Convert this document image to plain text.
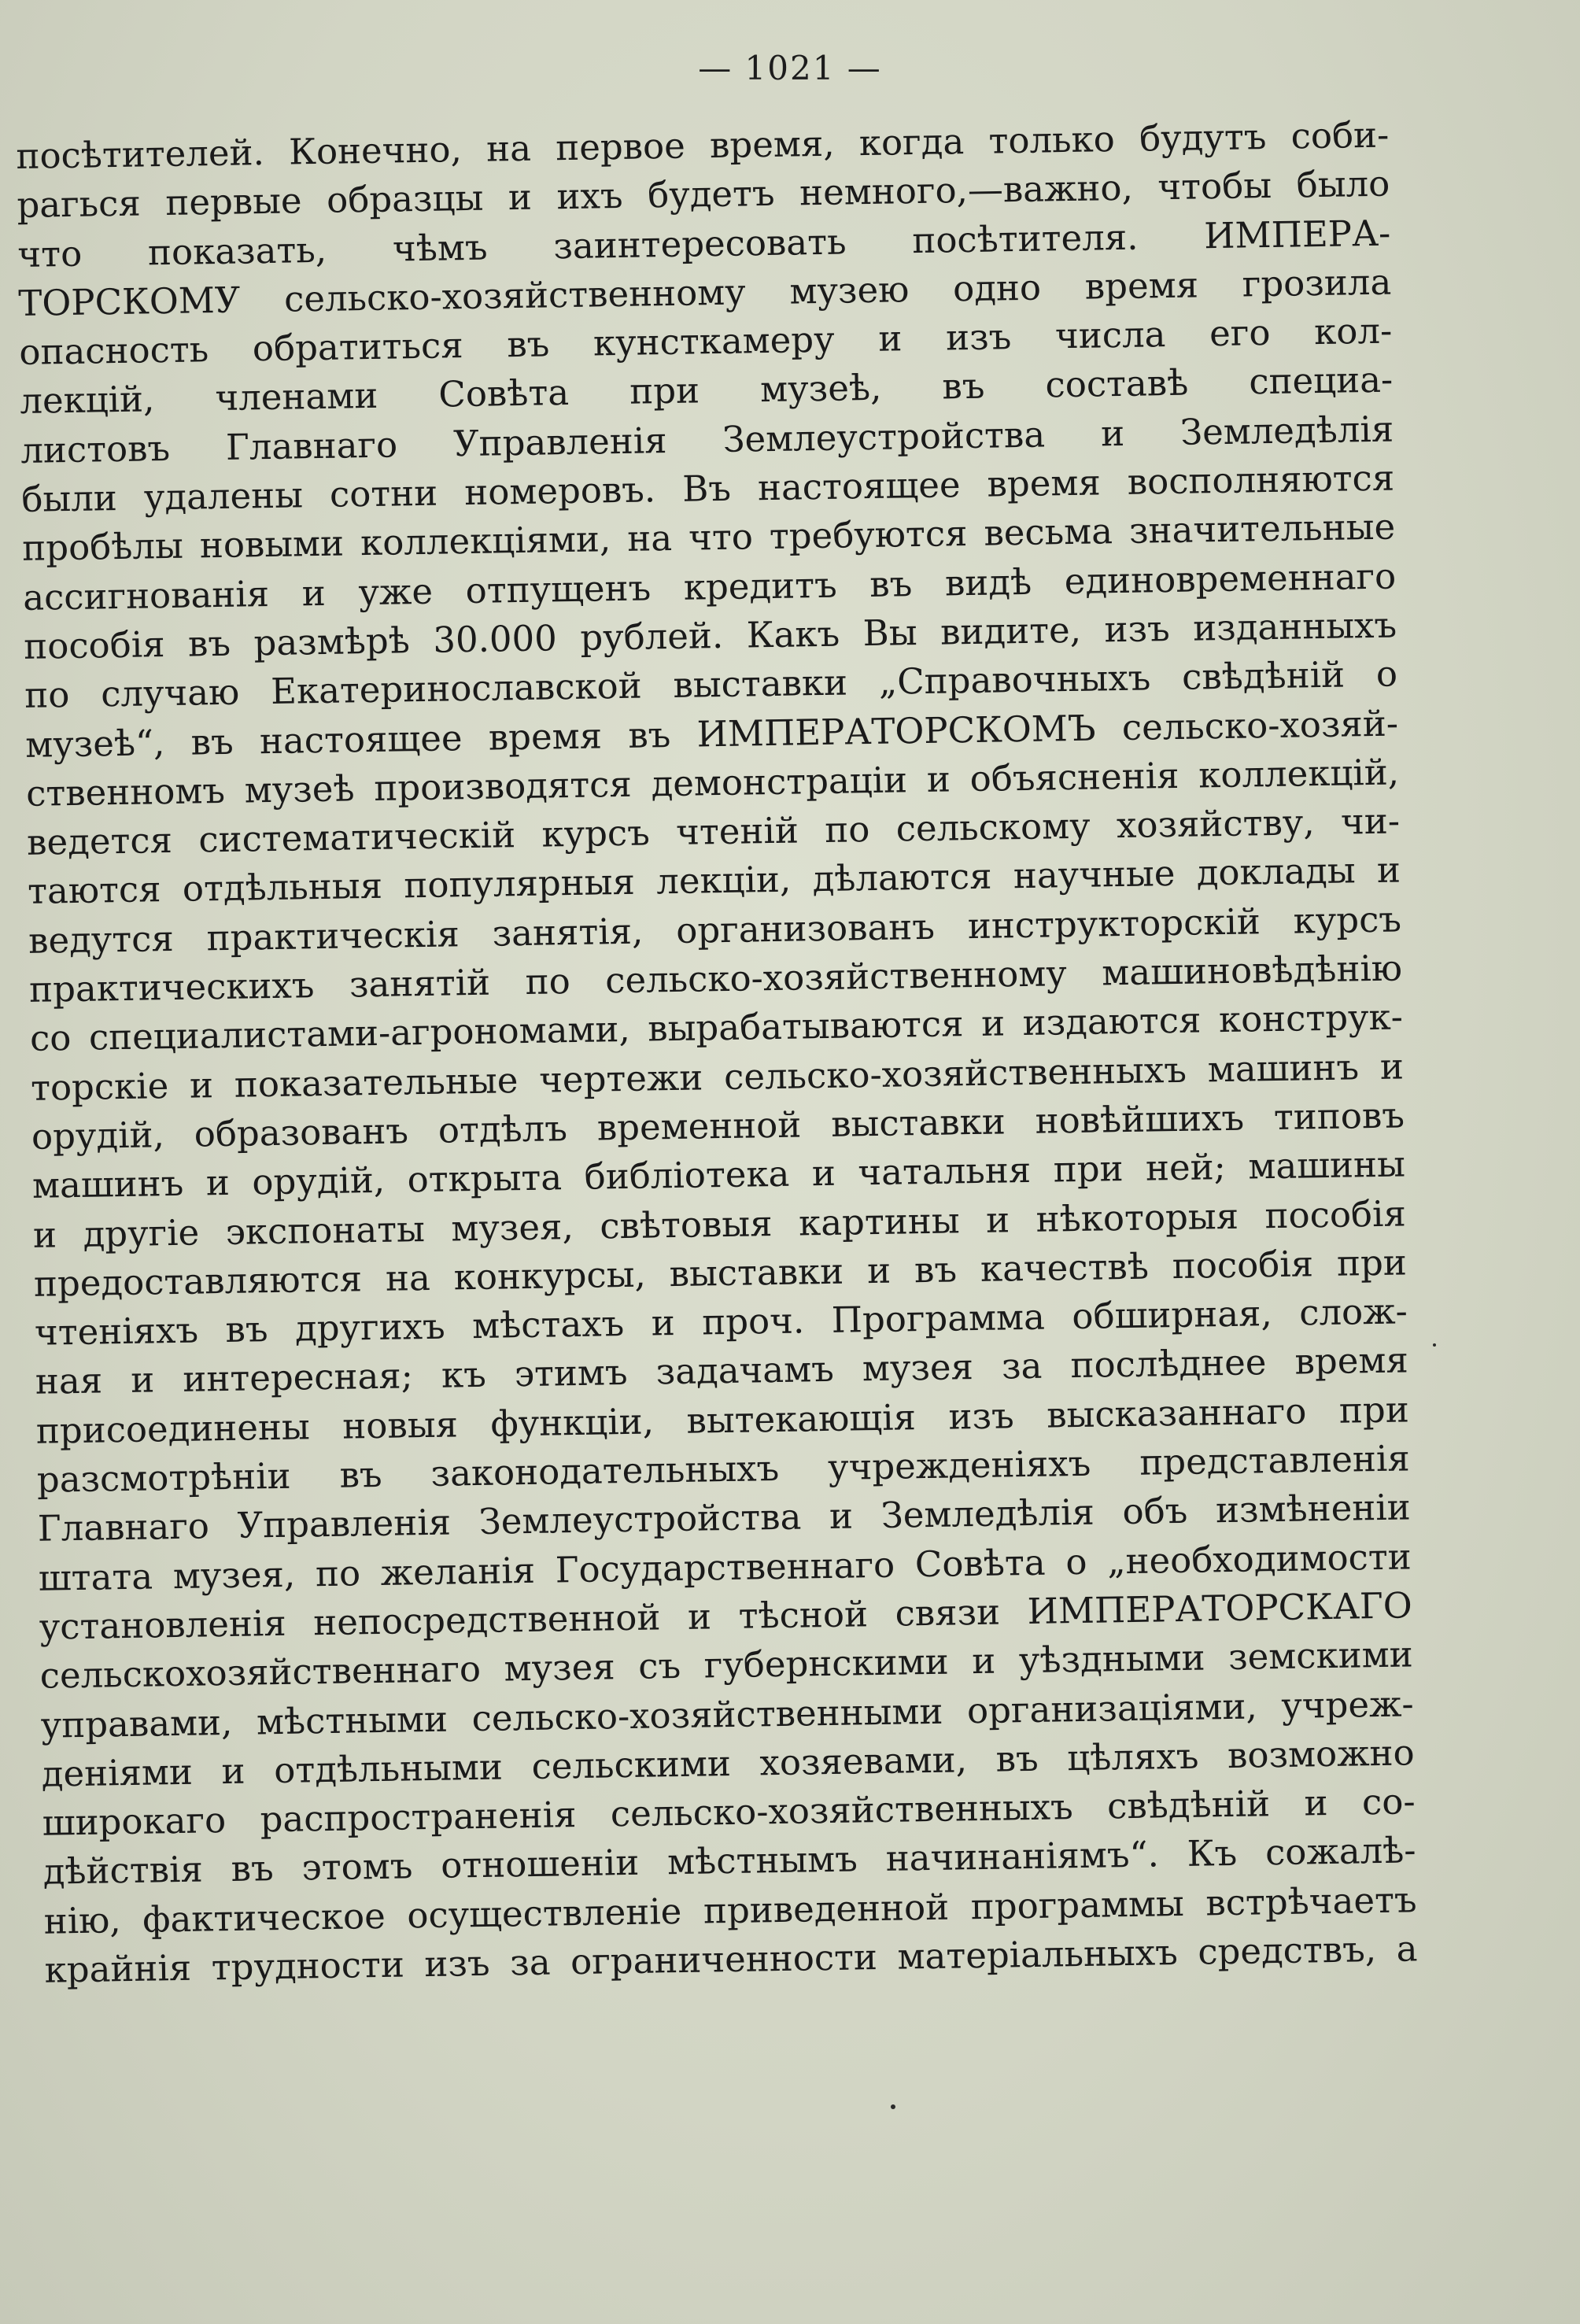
— 1021 —
посѣтителей. Конечно, на первое время, когда только будутъ соби-
рагься первые образцы и ихъ будетъ немного,—важно, чтобы было
что показать, чѣмъ заинтересовать посѣтителя. ИМПЕРА-
ТОРСКОМУ сельско-хозяйственному музею одно время грозила
опасность обратиться въ кунсткамеру и изъ числа его кол-
лекцій, членами Совѣта при музеѣ, въ составѣ специа-
листовъ Главнаго Управленія Землеустройства и Земледѣлія
были удалены сотни номеровъ. Въ настоящее время восполняются
пробѣлы новыми коллекціями, на что требуются весьма значительные
ассигнованія и уже отпущенъ кредитъ въ видѣ единовременнаго
пособія въ размѣрѣ 30.000 рублей. Какъ Вы видите, изъ изданныхъ
по случаю Екатеринославской выставки „Справочныхъ свѣдѣній о
музеѣ“, въ настоящее время въ ИМПЕРАТОРСКОМЪ сельско-хозяй-
ственномъ музеѣ производятся демонстраціи и объясненія коллекцій,
ведется систематическій курсъ чтеній по сельскому хозяйству, чи-
таются отдѣльныя популярныя лекціи, дѣлаются научные доклады и
ведутся практическія занятія, организованъ инструкторскій курсъ
практическихъ занятій по сельско-хозяйственному машиновѣдѣнію
со специалистами-агрономами, вырабатываются и издаются конструк-
торскіе и показательные чертежи сельско-хозяйственныхъ машинъ и
орудій, образованъ отдѣлъ временной выставки новѣйшихъ типовъ
машинъ и орудій, открыта библіотека и чатальня при ней; машины
и другіе экспонаты музея, свѣтовыя картины и нѣкоторыя пособія
предоставляются на конкурсы, выставки и въ качествѣ пособія при
чтеніяхъ въ другихъ мѣстахъ и проч. Программа обширная, слож-
ная и интересная; къ этимъ задачамъ музея за послѣднее время
присоединены новыя функціи, вытекающія изъ высказаннаго при
разсмотрѣніи въ законодательныхъ учрежденіяхъ представленія
Главнаго Управленія Землеустройства и Земледѣлія объ измѣненіи
штата музея, по желанія Государственнаго Совѣта о „необходимости
установленія непосредственной и тѣсной связи ИМПЕРАТОРСКАГО
сельскохозяйственнаго музея съ губернскими и уѣздными земскими
управами, мѣстными сельско-хозяйственными организаціями, учреж-
деніями и отдѣльными сельскими хозяевами, въ цѣляхъ возможно
широкаго распространенія сельско-хозяйственныхъ свѣдѣній и со-
дѣйствія въ этомъ отношеніи мѣстнымъ начинаніямъ“. Къ сожалѣ-
нію, фактическое осуществленіе приведенной программы встрѣчаетъ
крайнія трудности изъ за ограниченности матеріальныхъ средствъ, а
